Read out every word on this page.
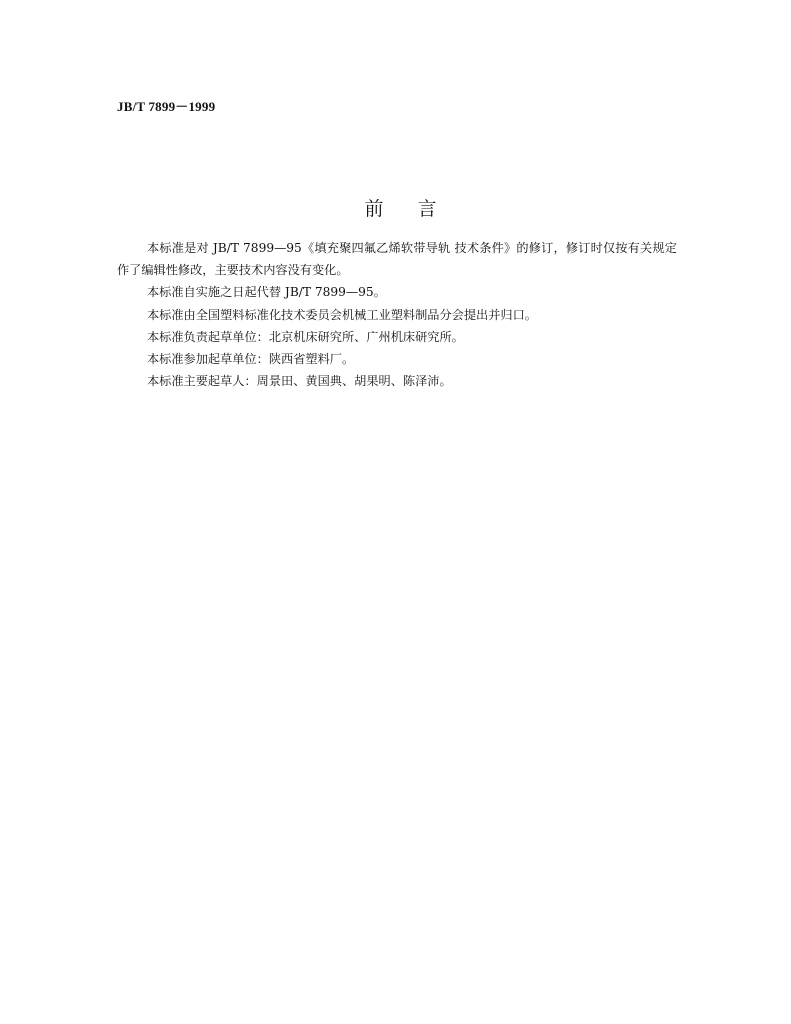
JB/T 7899－1999
前言

本标准是对 JB/T 7899—95《填充聚四氟乙烯软带导轨 技术条件》的修订，修订时仅按有关规定作了编辑性修改，主要技术内容没有变化。

本标准自实施之日起代替 JB/T 7899—95。

本标准由全国塑料标准化技术委员会机械工业塑料制品分会提出并归口。

本标准负责起草单位：北京机床研究所、广州机床研究所。

本标准参加起草单位：陕西省塑料厂。

本标准主要起草人：周景田、黄国典、胡果明、陈泽沛。
